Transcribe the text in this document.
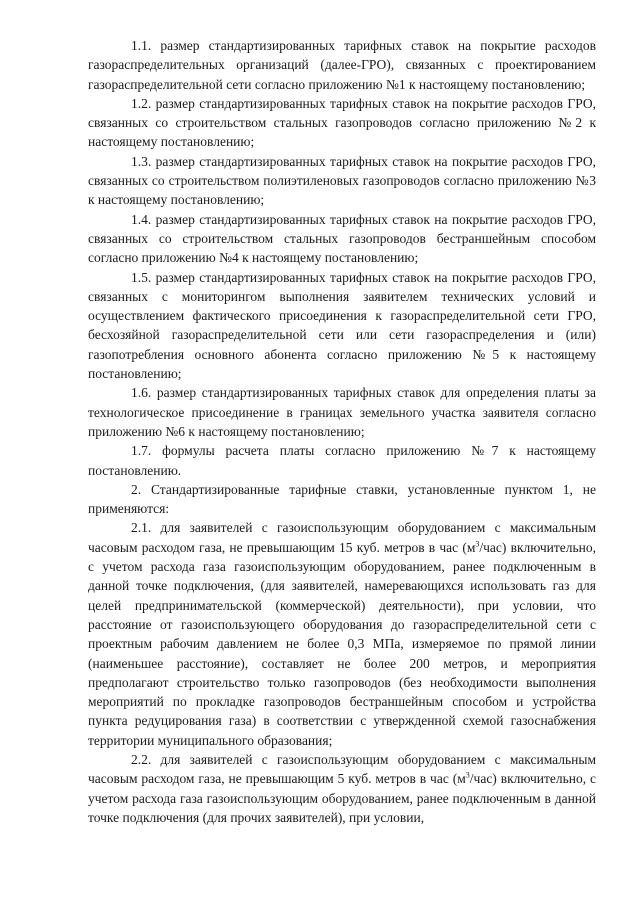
1.1. размер стандартизированных тарифных ставок на покрытие расходов газораспределительных организаций (далее-ГРО), связанных с проектированием газораспределительной сети согласно приложению №1 к настоящему постановлению;

1.2. размер стандартизированных тарифных ставок на покрытие расходов ГРО, связанных со строительством стальных газопроводов согласно приложению №2 к настоящему постановлению;

1.3. размер стандартизированных тарифных ставок на покрытие расходов ГРО, связанных со строительством полиэтиленовых газопроводов согласно приложению №3 к настоящему постановлению;

1.4. размер стандартизированных тарифных ставок на покрытие расходов ГРО, связанных со строительством стальных газопроводов бестраншейным способом согласно приложению №4 к настоящему постановлению;

1.5. размер стандартизированных тарифных ставок на покрытие расходов ГРО, связанных с мониторингом выполнения заявителем технических условий и осуществлением фактического присоединения к газораспределительной сети ГРО, бесхозяйной газораспределительной сети или сети газораспределения и (или) газопотребления основного абонента согласно приложению №5 к настоящему постановлению;

1.6. размер стандартизированных тарифных ставок для определения платы за технологическое присоединение в границах земельного участка заявителя согласно приложению №6 к настоящему постановлению;

1.7. формулы расчета платы согласно приложению №7 к настоящему постановлению.

2. Стандартизированные тарифные ставки, установленные пунктом 1, не применяются:

2.1. для заявителей с газоиспользующим оборудованием с максимальным часовым расходом газа, не превышающим 15 куб. метров в час $(м^3/час)$ включительно, с учетом расхода газа газоиспользующим оборудованием, ранее подключенным в данной точке подключения, (для заявителей, намеревающихся использовать газ для целей предпринимательской (коммерческой) деятельности), при условии, что расстояние от газоиспользующего оборудования до газораспределительной сети с проектным рабочим давлением не более 0,3 МПа, измеряемое по прямой линии (наименьшее расстояние), составляет не более 200 метров, и мероприятия предполагают строительство только газопроводов (без необходимости выполнения мероприятий по прокладке газопроводов бестраншейным способом и устройства пункта редуцирования газа) в соответствии с утвержденной схемой газоснабжения территории муниципального образования;

2.2. для заявителей с газоиспользующим оборудованием с максимальным часовым расходом газа, не превышающим 5 куб. метров в час $(м^3/час)$ включительно, с учетом расхода газа газоиспользующим оборудованием, ранее подключенным в данной точке подключения (для прочих заявителей), при условии,
